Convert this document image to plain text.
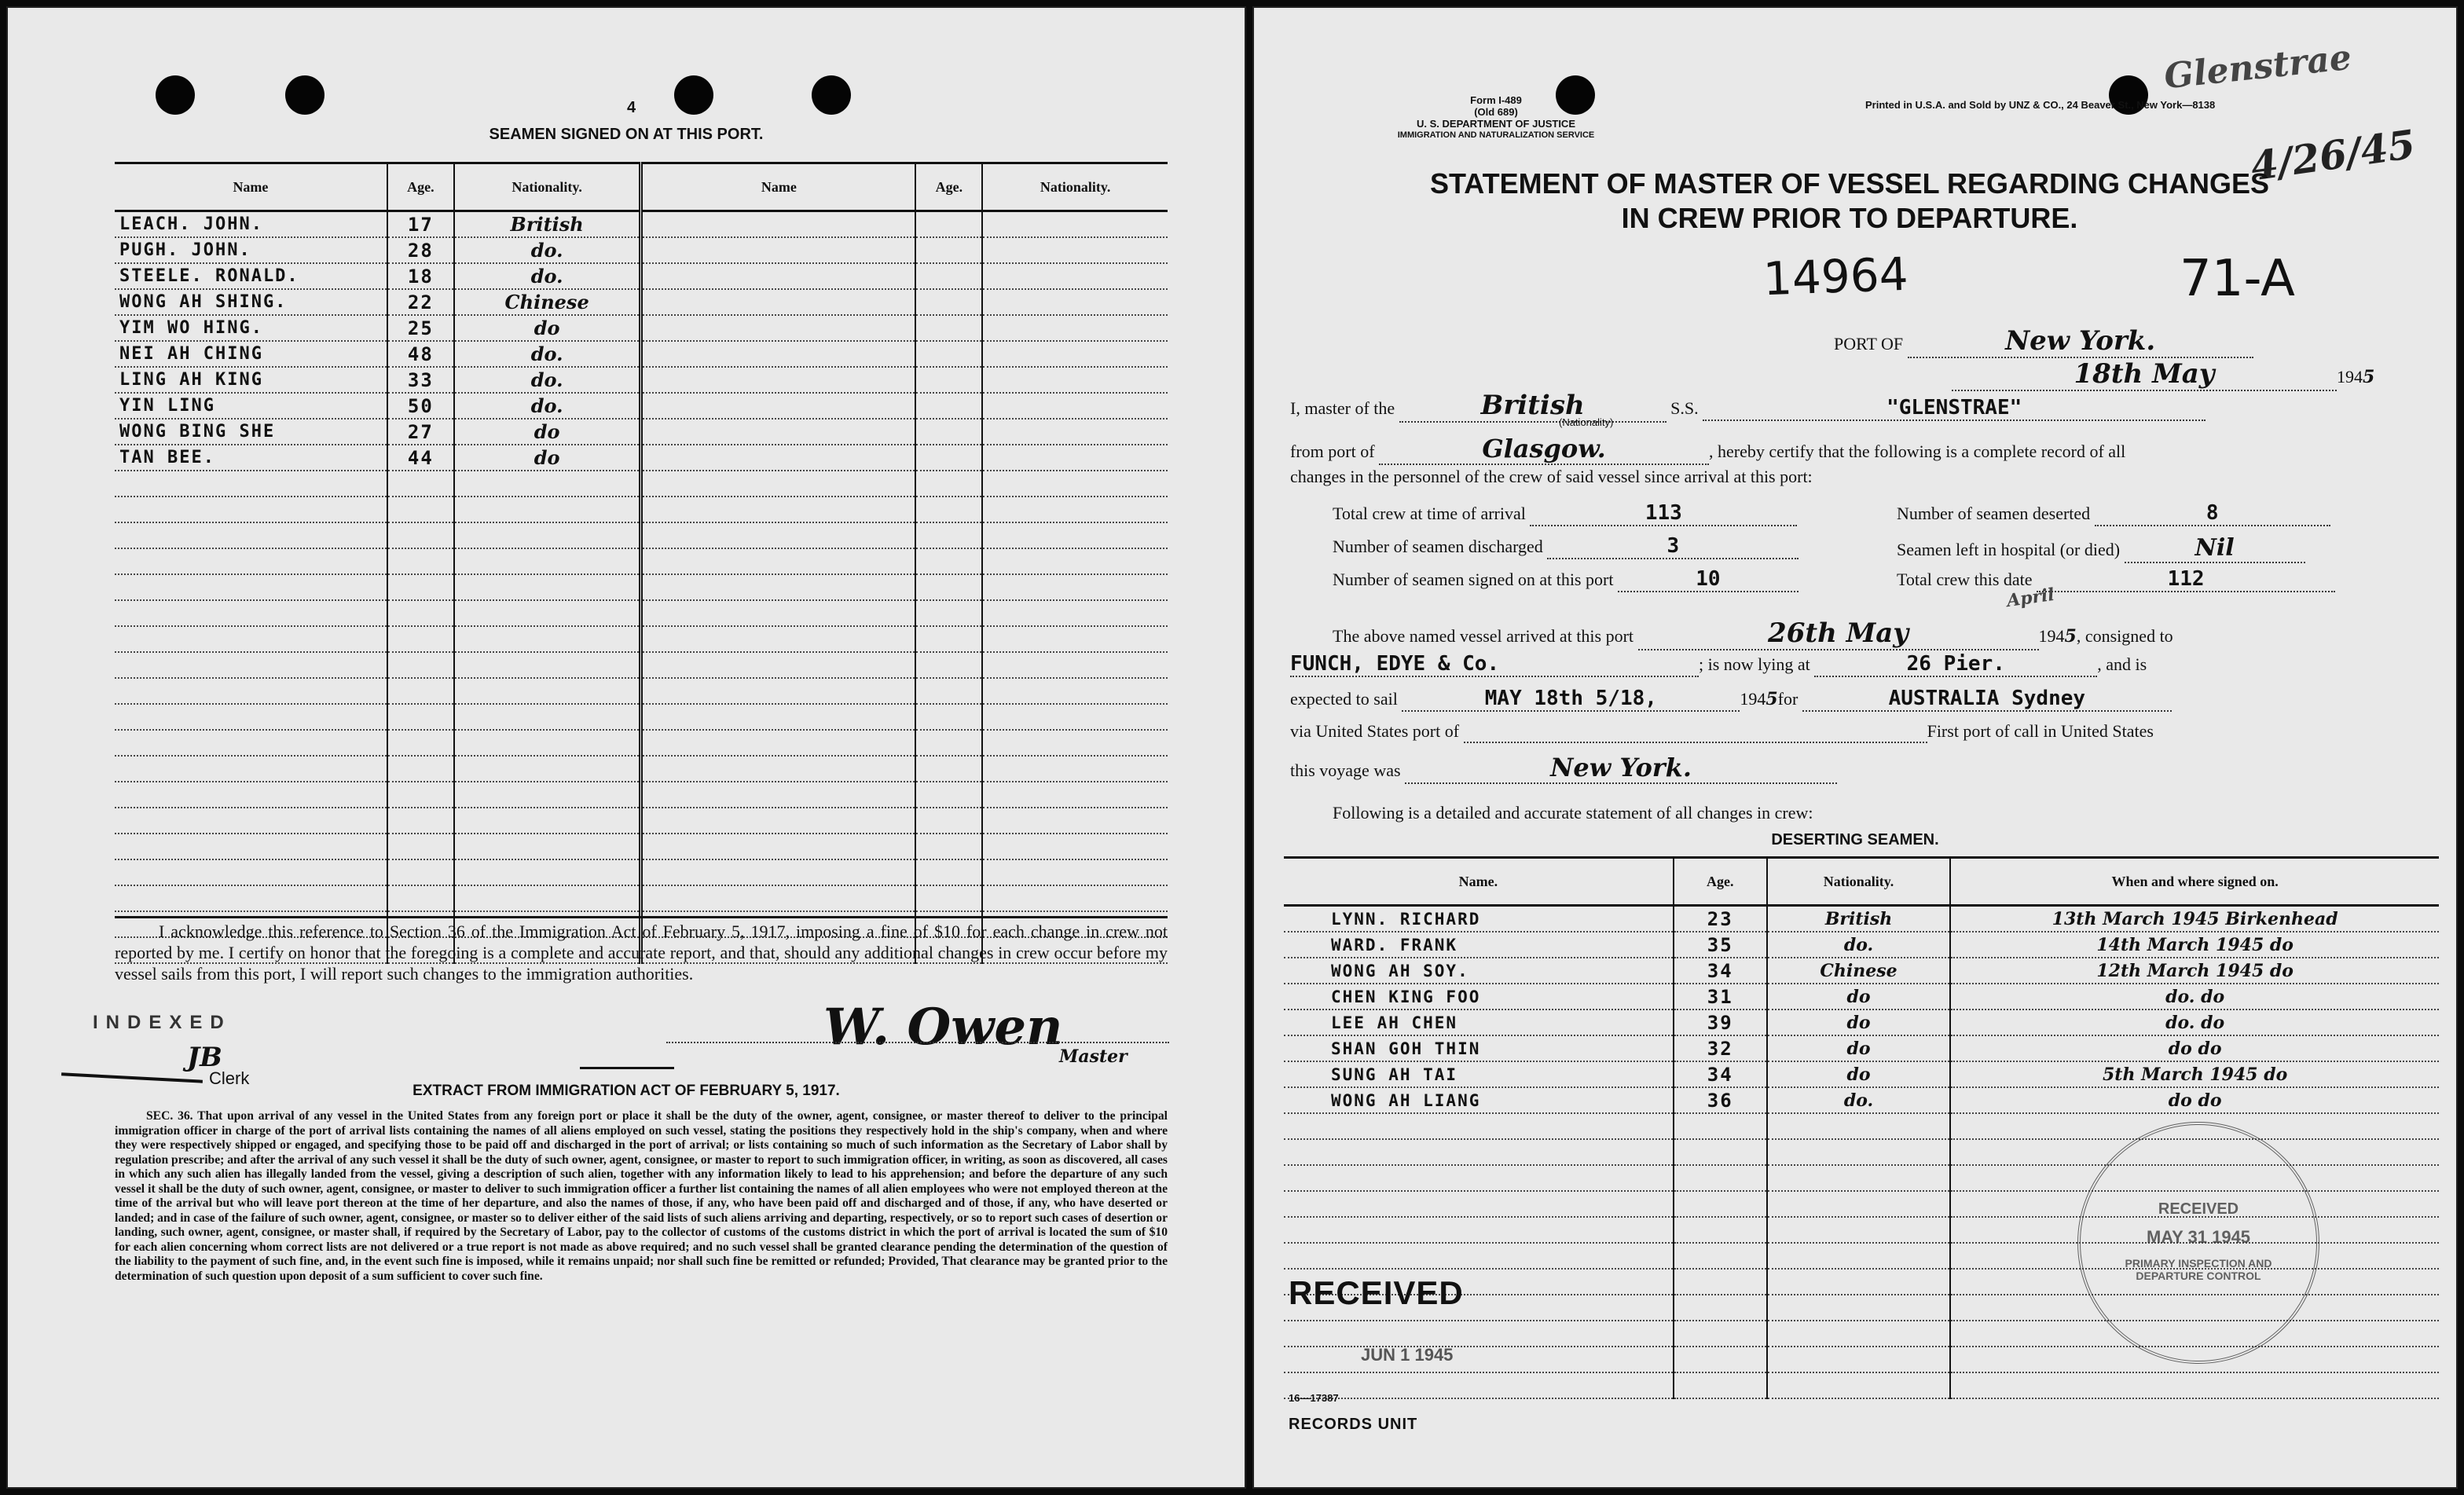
4
SEAMEN SIGNED ON AT THIS PORT.
Name	Age.	Nationality.	Name	Age.	Nationality.
LEACH. JOHN.	17	British			
PUGH. JOHN.	28	do.			
STEELE. RONALD.	18	do.			
WONG AH SHING.	22	Chinese			
YIM WO HING.	25	do			
NEI AH CHING	48	do.			
LING AH KING	33	do.			
YIN LING	50	do.			
WONG BING SHE	27	do			
TAN BEE.	44	do			

I acknowledge this reference to Section 36 of the Immigration Act of February 5, 1917, imposing a fine of $10 for each change in crew not reported by me. I certify on honor that the foregoing is a complete and accurate report, and that, should any additional changes in crew occur before my vessel sails from this port, I will report such changes to the immigration authorities.
INDEXED
JB
Clerk
W. Owen
Master
EXTRACT FROM IMMIGRATION ACT OF FEBRUARY 5, 1917.
SEC. 36. That upon arrival of any vessel in the United States from any foreign port or place it shall be the duty of the owner, agent, consignee, or master thereof to deliver to the principal immigration officer in charge of the port of arrival lists containing the names of all aliens employed on such vessel, stating the positions they respectively hold in the ship's company, when and where they were respectively shipped or engaged, and specifying those to be paid off and discharged in the port of arrival; or lists containing so much of such information as the Secretary of Labor shall by regulation prescribe; and after the arrival of any such vessel it shall be the duty of such owner, agent, consignee, or master to report to such immigration officer, in writing, as soon as discovered, all cases in which any such alien has illegally landed from the vessel, giving a description of such alien, together with any information likely to lead to his apprehension; and before the departure of any such vessel it shall be the duty of such owner, agent, consignee, or master to deliver to such immigration officer a further list containing the names of all alien employees who were not employed thereon at the time of the arrival but who will leave port thereon at the time of her departure, and also the names of those, if any, who have been paid off and discharged and of those, if any, who have deserted or landed; and in case of the failure of such owner, agent, consignee, or master so to deliver either of the said lists of such aliens arriving and departing, respectively, or so to report such cases of desertion or landing, such owner, agent, consignee, or master shall, if required by the Secretary of Labor, pay to the collector of customs of the customs district in which the port of arrival is located the sum of $10 for each alien concerning whom correct lists are not delivered or a true report is not made as above required; and no such vessel shall be granted clearance pending the determination of the question of the liability to the payment of such fine, and, in the event such fine is imposed, while it remains unpaid; nor shall such fine be remitted or refunded; Provided, That clearance may be granted prior to the determination of such question upon deposit of a sum sufficient to cover such fine.
Form I-489
(Old 689)
U. S. DEPARTMENT OF JUSTICE
IMMIGRATION AND NATURALIZATION SERVICE
Printed in U.S.A. and Sold by UNZ & CO., 24 Beaver St., New York—8138
Glenstrae
4/26/45
STATEMENT OF MASTER OF VESSEL REGARDING CHANGES
IN CREW PRIOR TO DEPARTURE.
14964	71-A
PORT OF	New York.
18th May	1945
I, master of the	British	S.S.	"GLENSTRAE"
(Nationality)
from port of	Glasgow.	, hereby certify that the following is a complete record of all
changes in the personnel of the crew of said vessel since arrival at this port:
Total crew at time of arrival	113	Number of seamen deserted	8
Number of seamen discharged	3	Seamen left in hospital (or died)	Nil
Number of seamen signed on at this port	10	Total crew this date	112
April
The above named vessel arrived at this port	26th May	1945, consigned to
FUNCH, EDYE & Co.	; is now lying at	26 Pier.	, and is
expected to sail	MAY 18th 5/18,	1945for	AUSTRALIA Sydney
via United States port of	First port of call in United States
this voyage was	New York.
Following is a detailed and accurate statement of all changes in crew:
DESERTING SEAMEN.
Name.	Age.	Nationality.	When and where signed on.
LYNN. RICHARD	23	British	13th March 1945 Birkenhead
WARD. FRANK	35	do.	14th March 1945 do
WONG AH SOY.	34	Chinese	12th March 1945 do
CHEN KING FOO	31	do	do. do
LEE AH CHEN	39	do	do. do
SHAN GOH THIN	32	do	do do
SUNG AH TAI	34	do	5th March 1945 do
WONG AH LIANG	36	do.	do do

RECEIVED
MAY 31 1945
PRIMARY INSPECTION AND DEPARTURE CONTROL
RECEIVED
JUN 1 1945
16—17387
RECORDS UNIT
